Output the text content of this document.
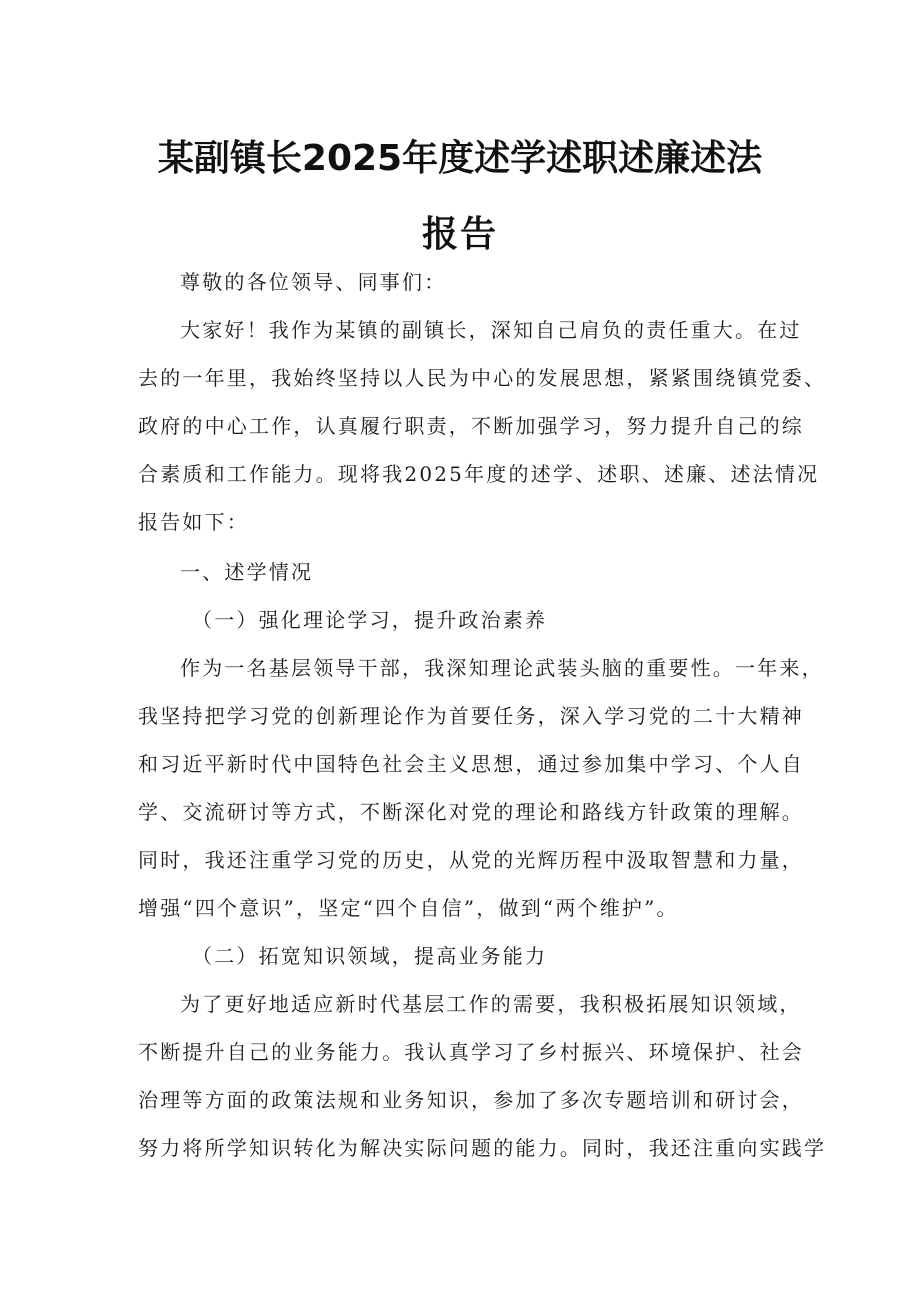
某副镇长2025年度述学述职述廉述法
报告
尊敬的各位领导、同事们：
大家好！我作为某镇的副镇长，深知自己肩负的责任重大。在过
去的一年里，我始终坚持以人民为中心的发展思想，紧紧围绕镇党委、
政府的中心工作，认真履行职责，不断加强学习，努力提升自己的综
合素质和工作能力。现将我2025年度的述学、述职、述廉、述法情况
报告如下：
一、述学情况
（一）强化理论学习，提升政治素养
作为一名基层领导干部，我深知理论武装头脑的重要性。一年来，
我坚持把学习党的创新理论作为首要任务，深入学习党的二十大精神
和习近平新时代中国特色社会主义思想，通过参加集中学习、个人自
学、交流研讨等方式，不断深化对党的理论和路线方针政策的理解。
同时，我还注重学习党的历史，从党的光辉历程中汲取智慧和力量，
增强“四个意识”，坚定“四个自信”，做到“两个维护”。
（二）拓宽知识领域，提高业务能力
为了更好地适应新时代基层工作的需要，我积极拓展知识领域，
不断提升自己的业务能力。我认真学习了乡村振兴、环境保护、社会
治理等方面的政策法规和业务知识，参加了多次专题培训和研讨会，
努力将所学知识转化为解决实际问题的能力。同时，我还注重向实践学
